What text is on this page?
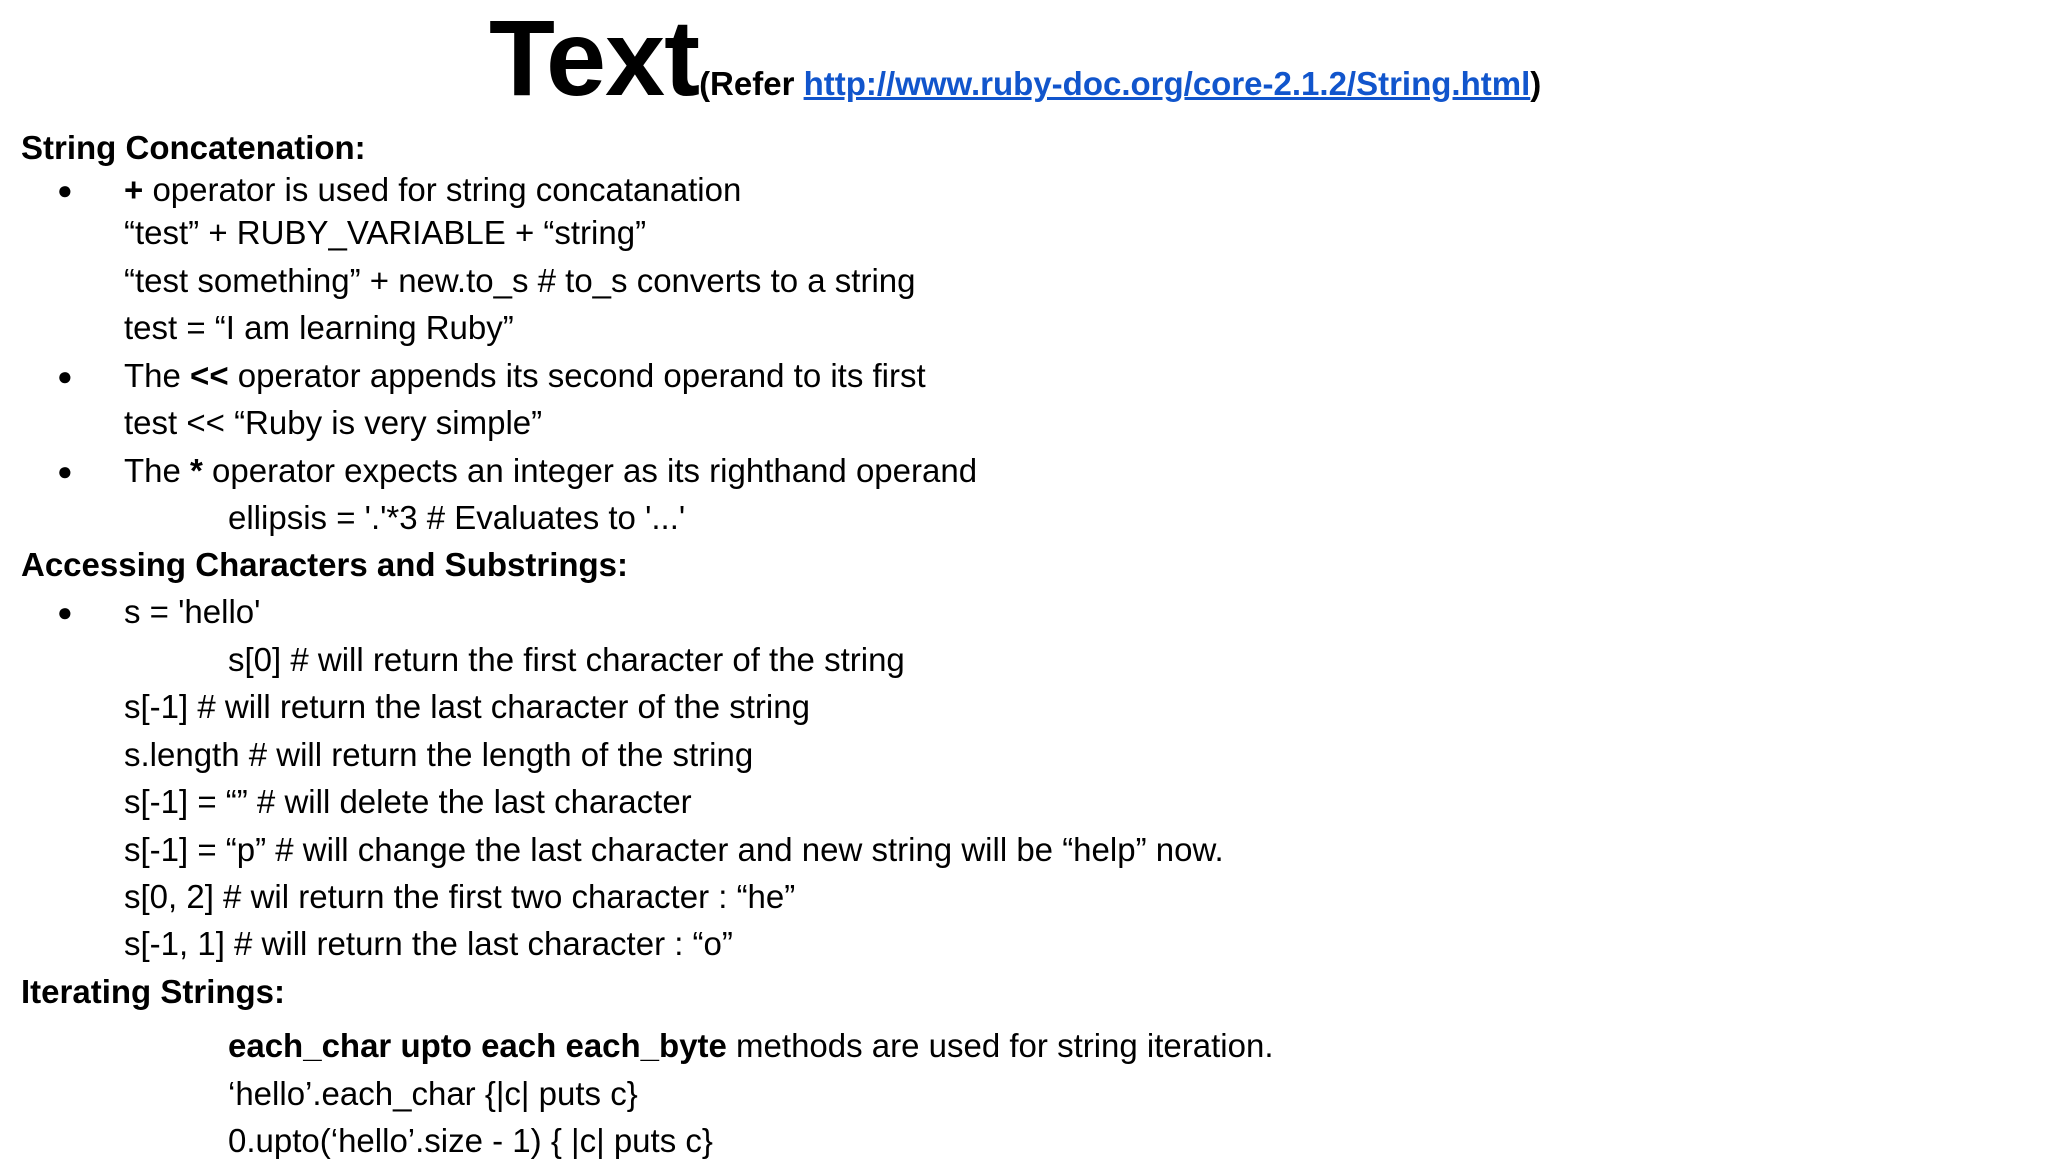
Text(Refer http://www.ruby-doc.org/core-2.1.2/String.html)
String Concatenation:
● + operator is used for string concatanation
“test” + RUBY_VARIABLE + “string”
“test something” + new.to_s # to_s converts to a string
test = “I am learning Ruby”
● The << operator appends its second operand to its first
test << “Ruby is very simple”
● The * operator expects an integer as its righthand operand
ellipsis = '.'*3 # Evaluates to '...'
Accessing Characters and Substrings:
● s = 'hello'
s[0] # will return the first character of the string
s[-1] # will return the last character of the string
s.length # will return the length of the string
s[-1] = “” # will delete the last character
s[-1] = “p” # will change the last character and new string will be “help” now.
s[0, 2] # wil return the first two character : “he”
s[-1, 1] # will return the last character : “o”
Iterating Strings:
each_char upto each each_byte methods are used for string iteration.
‘hello’.each_char {|c| puts c}
0.upto(‘hello’.size - 1) { |c| puts c}
